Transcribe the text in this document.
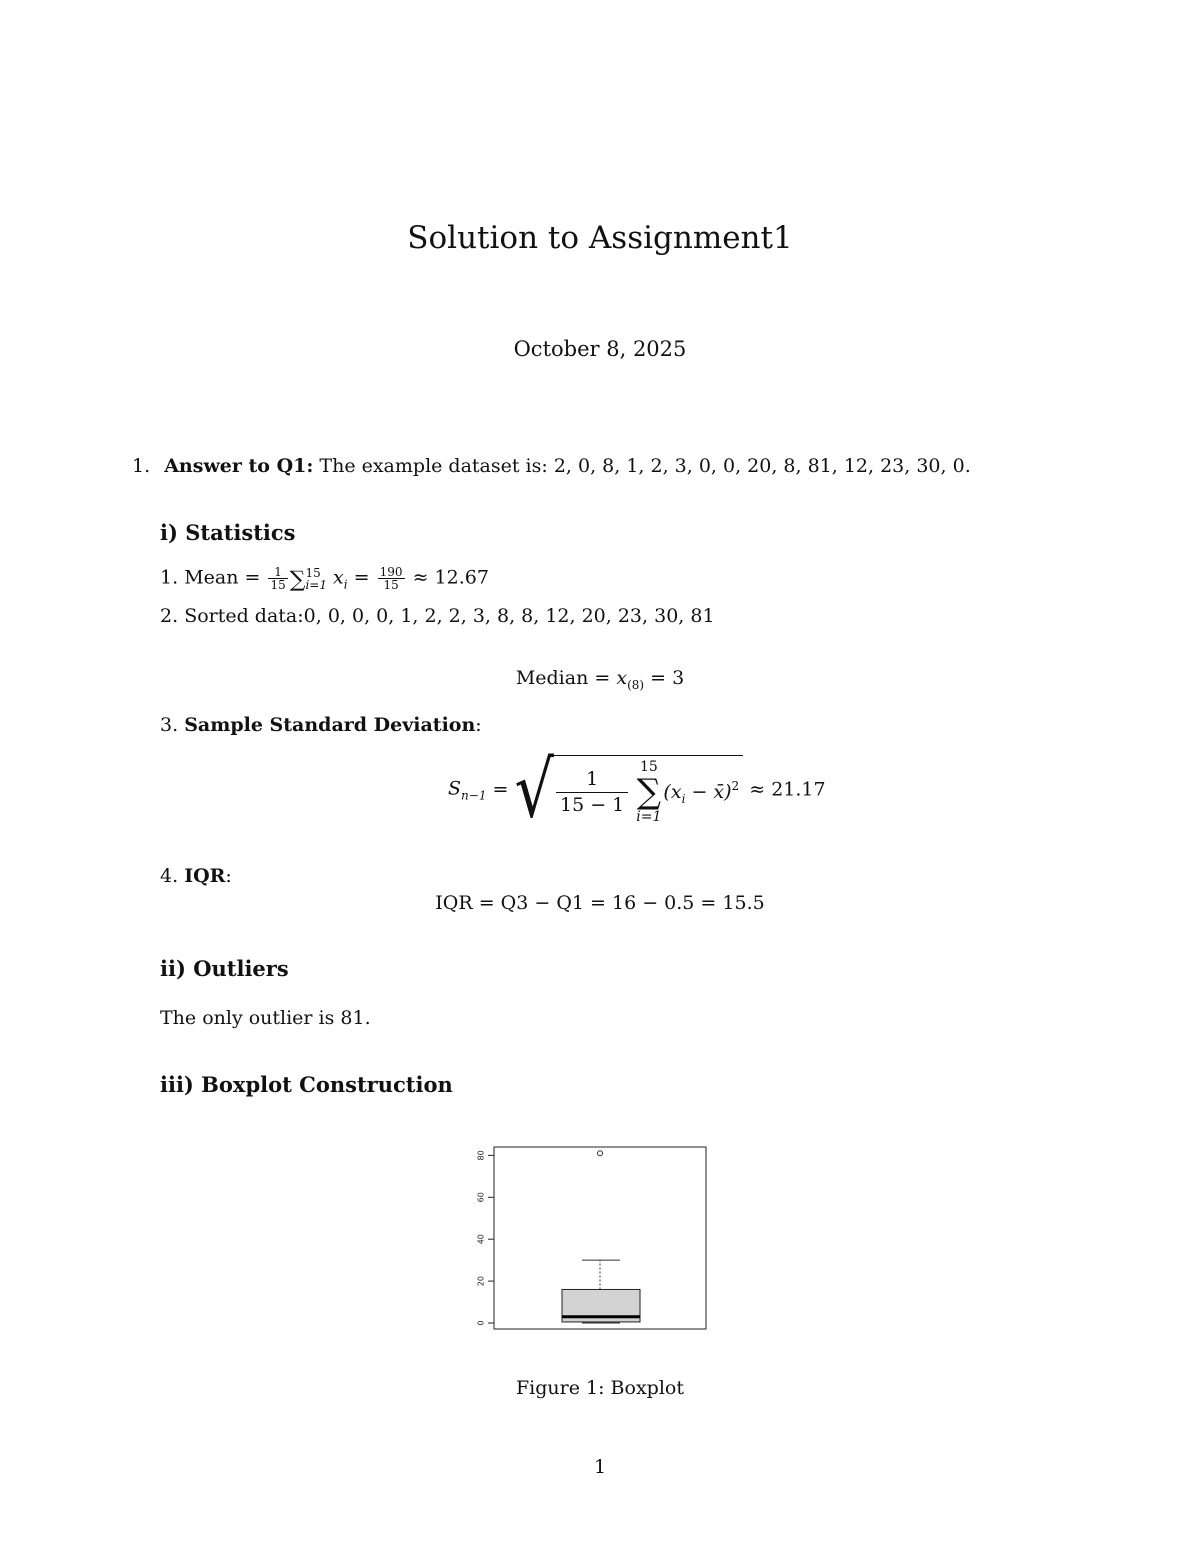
Solution to Assignment1
October 8, 2025
1. Answer to Q1: The example dataset is: 2, 0, 8, 1, 2, 3, 0, 0, 20, 8, 81, 12, 23, 30, 0.
i) Statistics
1. Mean = $\frac{1}{15}$ ∑ 15
i=1 $x_i = \frac{190}{15} \approx 12.67$
2. Sorted data:0, 0, 0, 0, 1, 2, 2, 3, 8, 8, 12, 20, 23, 30, 81
Median = $x_{(8)} = 3$
3. Sample Standard Deviation:
$S_{n-1}$ = √ $\frac{1}{15 - 1}$
15
∑
i=1
($x_i$ − x̄)$^2$ ≈ 21.17
4. IQR:
IQR = Q3 − Q1 = 16 − 0.5 = 15.5
ii) Outliers
The only outlier is 81.
iii) Boxplot Construction
0
20
40
60
80
Figure 1: Boxplot
1
